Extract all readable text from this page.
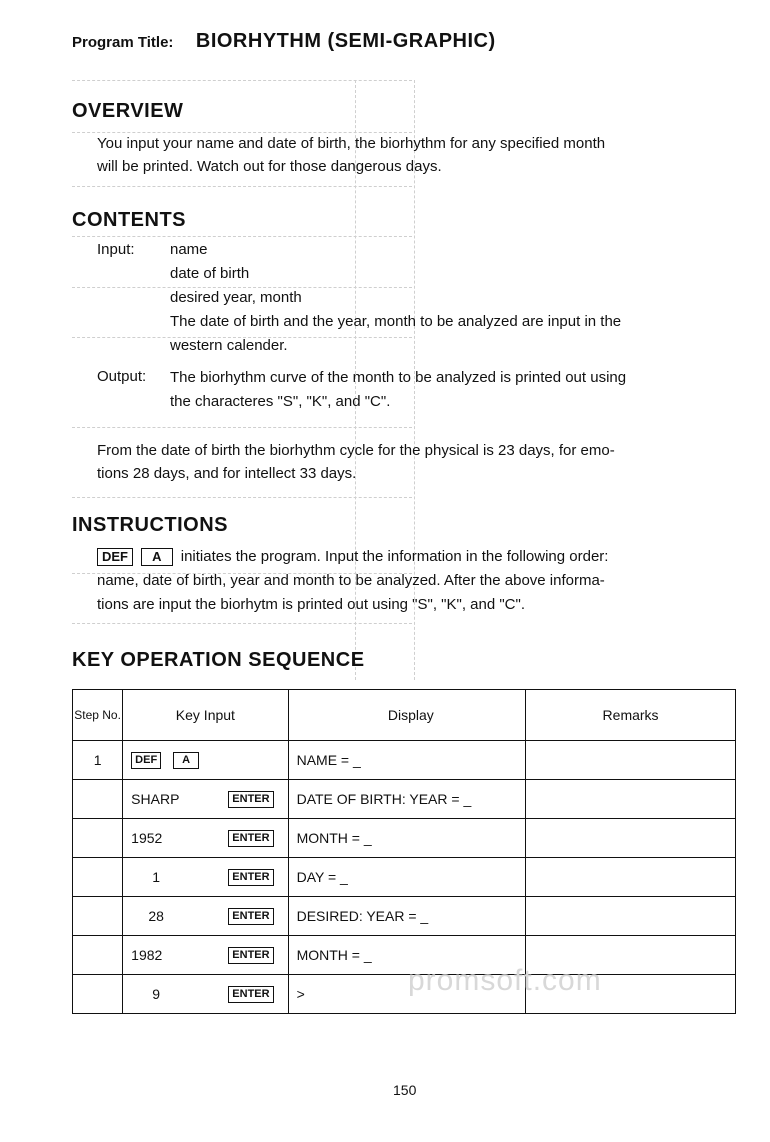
Program Title: BIORHYTHM (SEMI-GRAPHIC)
OVERVIEW

You input your name and date of birth, the biorhythm for any specified month

will be printed. Watch out for those dangerous days.

CONTENTS
Input: name
date of birth
desired year, month
The date of birth and the year, month to be analyzed are input in the
western calender.
Output: The biorhythm curve of the month to be analyzed is printed out using
the characteres "S", "K", and "C".

From the date of birth the biorhythm cycle for the physical is 23 days, for emo-

tions 28 days, and for intellect 33 days.

INSTRUCTIONS

DEF A initiates the program. Input the information in the following order:

name, date of birth, year and month to be analyzed. After the above informa-

tions are input the biorhytm is printed out using "S", "K", and "C".

KEY OPERATION SEQUENCE
Step No.	Key Input	Display	Remarks
1	DEF A	NAME = _	

	SHARP ENTER	DATE OF BIRTH: YEAR = _	

	1952 ENTER	MONTH = _	

	1 ENTER	DAY = _	

	28 ENTER	DESIRED: YEAR = _	

	1982 ENTER	MONTH = _	

	9 ENTER	>		promsoft.com
150
